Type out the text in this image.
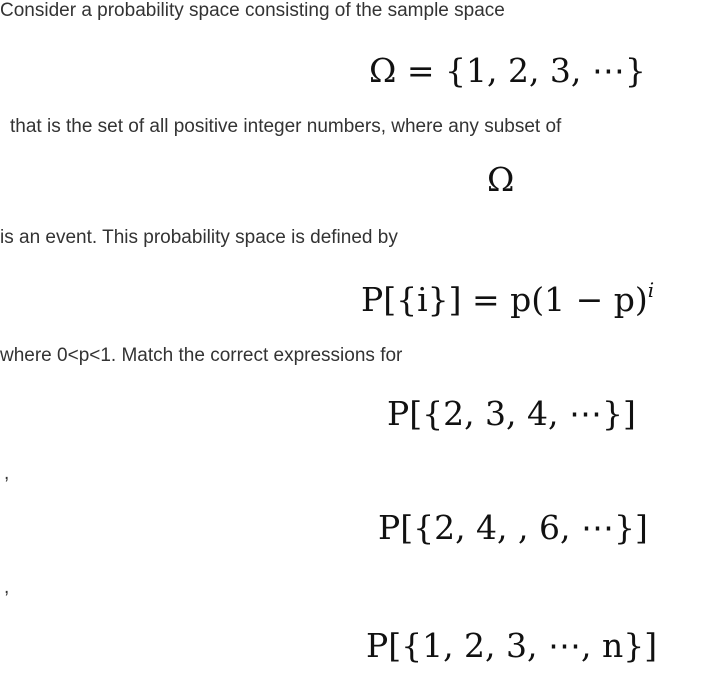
Consider a probability space consisting of the sample space
Ω = {1, 2, 3, ⋯}
that is the set of all positive integer numbers, where any subset of
Ω
is an event. This probability space is defined by
$P[\{i\}] = p(1 - p)^i$
where 0<p<1. Match the correct expressions for
P[{2, 3, 4, ⋯}]
,
P[{2, 4, , 6, ⋯}]
,
P[{1, 2, 3, ⋯, n}]
